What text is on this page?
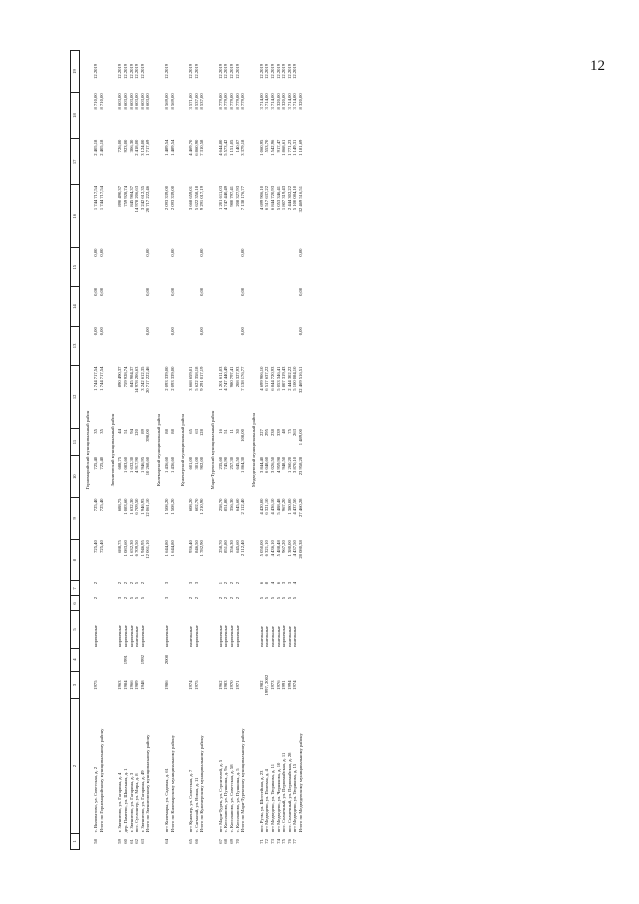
12
1	2	3	4	5	6	7	8	9	10	11	12	13	14	15	16	17	18	19
Горномарийский муниципальный район																		
58	с. Виловатово, ул. Советская, д. 2	1975		кирпичные	2	2	725,40	725,40	725,40	35	1 744 717,54	0,00	0,00	0,00	1 744 717,54	2 405,18	8 710,00	12.2019
	Итого по Горномарийскому муниципальному району						725,40	725,40	725,40	35	1 744 717,54	0,00	0,00	0,00	1 744 717,54	2 405,18	8 710,00	
Звениговский муниципальный район																		
59	г. Звенигово, ул. Гагарина, д. 4	1963		кирпичные	3	2	688,75	688,75	688,75	44	890 490,37				890 490,37	726,00	8 603,00	12.2019
60	дер. Памеево, ул. Школьная, д. 1	1984	1991	кирпичные	2	2	1 083,60	1 083,60	1 083,60	51	759 928,74				759 928,74	923,00	8 603,00	12.2019
61	г. Звенигово, ул. Гагарина, д. 3	1966		кирпичные	5	2	1 632,30	1 632,30	1 632,30	94	845 984,37				845 984,37	306,30	8 603,00	12.2019
62	пос. Суслонгер, ул. Мира, д. 8	1989		панельные	5	5	6 709,50	6 709,50	4 917,90	120	14 978 206,63				14 978 206,63	2 418,00	8 603,00	12.2019
63	г. Звенигово, ул. Гагарина, д. 49	1948	1992	кирпичные	5	2	1 946,95	1 946,95	1 946,95	89	3 242 612,35				3 242 612,35	3 124,00	8 603,00	12.2019
	Итого по Звениговскому муниципальному району						12 061,10	12 061,10	10 268,60	398,00	20 717 222,46	0,00	0,00	0,00	20 717 222,46	1 717,69	8 603,00	
Килемарский муниципальный район																		
64	пгт Килемары, ул. Садовая, д. 61	1986	2008	кирпичные	3	3	1 644,80	1 508,20	1 436,60	88	2 093 339,00				2 093 339,00	1 489,54	8 569,00	12.2019
	Итого по Килемарскому муниципальному району						1 644,80	1 508,20	1 436,60	88	2 093 339,00	0,00	0,00	0,00	2 093 339,00	1 489,54	8 569,00	
Куженерский муниципальный район																		
65	пгт Куженер, ул. Советская, д. 7	1974		панельные	2	3	936,40	608,20	601,00	65	3 668 659,01				3 668 659,01	4 469,70	3 571,00	12.2019
66	с. Сагмазай, ул. Новая, д. 11	1975		кирпичные	2	3	846,50	602,70	301,00	63	5 622 358,18				5 622 358,18	6 860,90	8 537,00	12.2019
	Итого по Куженерскому муниципальному району						1 782,90	1 210,90	902,00	128	9 291 017,19	0,00	0,00	0,00	9 291 017,19	7 310,58	8 537,00	
Мари-Турекский муниципальный район																		
67	пгт Мари-Турек, ул. Строителей, д. 5	1962		кирпичные	2	1	258,70	258,70	235,60	16	1 201 611,03				1 201 611,03	4 644,80	8 779,00	12.2019
68	с. Косолапово, ул. Пушкина, д. 9а	1983		кирпичные	2	2	851,80	851,80	745,90	51	4 747 440,49				4 747 440,49	5 573,42	8 779,00	12.2019
69	с. Косолапово, ул. Советская, д. 58	1970		кирпичные	2	2	356,30	356,30	257,30	11	980 797,41				980 797,41	1 151,05	8 779,00	12.2019
70	с. Косолапово, ул. Пушкина, д. 5	1971		кирпичные	2	2	645,60	645,60	645,50	30	208 327,93				208 327,93	140,07	8 779,00	12.2019
	Итого по Мари-Турекскому муниципальному району						2 112,40	2 112,40	1 864,30	108,00	7 138 176,77	0,00	0,00	0,00	7 138 176,77	3 379,18	8 779,00	
Медведевский муниципальный район																		
71	пос. Руэм, ул. Шоссейная, д. 23	1982		панельные	5	6	5 050,00	4 420,00	3 844,40	227	4 699 906,10				4 699 906,10	1 060,95	3 714,00	12.2019
72	пгт Медведево, ул. Полевая, д. 4	1997, 2002		панельные	5	8	6 321,10	6 321,10	6 048,60	295	6 517 637,22				6 517 637,22	553,70	3 714,00	12.2019
73	пгт Медведево, ул. Тюрикова, д. 11	1973		панельные	5	4	4 436,10	4 436,10	3 026,50	238	6 844 720,93				6 844 720,93	1 542,96	3 714,00	12.2019
74	пгт Медведево, ул. Чернякова, д. 10	1976		панельные	5	6	5 488,48	5 488,48	4 959,98	339	5 053 346,41				5 053 346,41	917,47	8 320,00	12.2019
75	пос. Солнечный, ул. Первомайская, д. 11	1991		кирпичные	5	3	967,20	967,20	948,50	48	1 807 319,43				1 807 319,43	1 868,61	8 320,00	12.2019
76	пос. Солнечный, ул. Первомайская, д. 28	1994		панельные	5	3	1 380,00	1 380,00	1 260,20	75	2 444 302,22				2 444 302,22	1 771,23	3 714,00	12.2019
77	пгт Медведево, ул. Тюрикова, д. 15	1974		панельные	5	4	4 437,50	4 437,50	3 870,10	263	5 100 084,10				5 100 084,10	1 149,31	3 714,00	12.2019
	Итого по Медведевскому муниципальному району						28 080,38	27 460,28	23 958,28	1 489,00	32 469 516,51	0,00	0,00	0,00	32 469 516,51	1 181,69	8 320,00	
